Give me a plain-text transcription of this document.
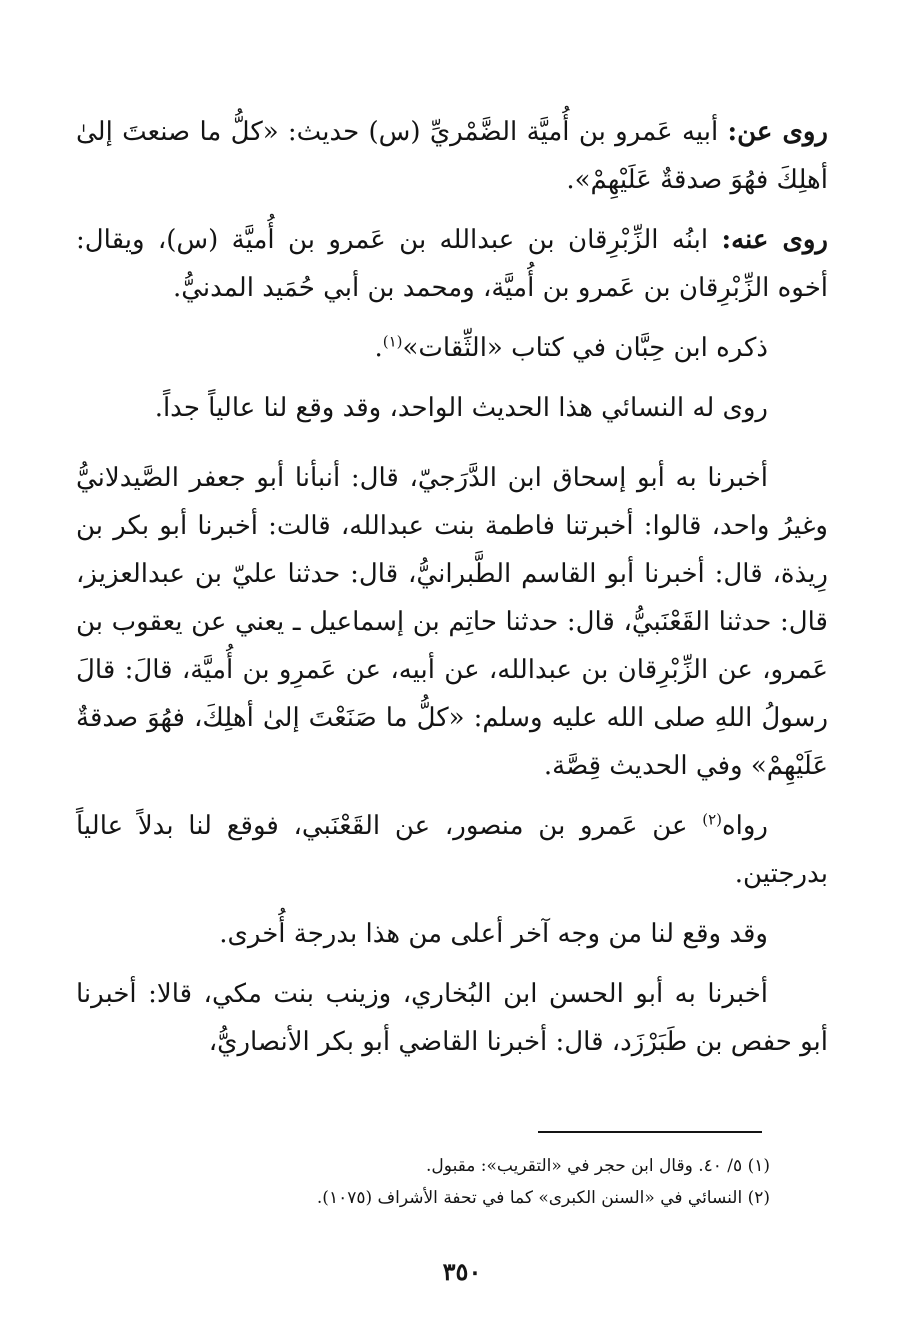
روى عن: أبيه عَمرو بن أُميَّة الضَّمْريِّ (س) حديث: «كلُّ ما صنعتَ إلىٰ أهلِكَ فهُوَ صدقةٌ عَلَيْهِمْ».

روى عنه: ابنُه الزِّبْرِقان بن عبدالله بن عَمرو بن أُميَّة (س)، ويقال: أخوه الزِّبْرِقان بن عَمرو بن أُميَّة، ومحمد بن أبي حُمَيد المدنيُّ.

ذكره ابن حِبَّان في كتاب «الثِّقات»$^{(١)}$.

روى له النسائي هذا الحديث الواحد، وقد وقع لنا عالياً جداً.

أخبرنا به أبو إسحاق ابن الدَّرَجيّ، قال: أنبأنا أبو جعفر الصَّيدلانيُّ وغيرُ واحد، قالوا: أخبرتنا فاطمة بنت عبدالله، قالت: أخبرنا أبو بكر بن رِيذة، قال: أخبرنا أبو القاسم الطَّبرانيُّ، قال: حدثنا عليّ بن عبدالعزيز، قال: حدثنا القَعْنَبيُّ، قال: حدثنا حاتِم بن إسماعيل ـ يعني عن يعقوب بن عَمرو، عن الزِّبْرِقان بن عبدالله، عن أبيه، عن عَمرِو بن أُميَّة، قالَ: قالَ رسولُ اللهِ صلى الله عليه وسلم: «كلُّ ما صَنَعْتَ إلىٰ أهلِكَ، فهُوَ صدقةٌ عَلَيْهِمْ» وفي الحديث قِصَّة.

رواه$^{(٢)}$ عن عَمرو بن منصور، عن القَعْنَبي، فوقع لنا بدلاً عالياً بدرجتين.

وقد وقع لنا من وجه آخر أعلى من هذا بدرجة أُخرى.

أخبرنا به أبو الحسن ابن البُخاري، وزينب بنت مكي، قالا: أخبرنا أبو حفص بن طَبَرْزَد، قال: أخبرنا القاضي أبو بكر الأنصاريُّ،

(١) ٥/ ٤٠. وقال ابن حجر في «التقريب»: مقبول.

(٢) النسائي في «السنن الكبرى» كما في تحفة الأشراف (١٠٧٥).

٣٥٠
